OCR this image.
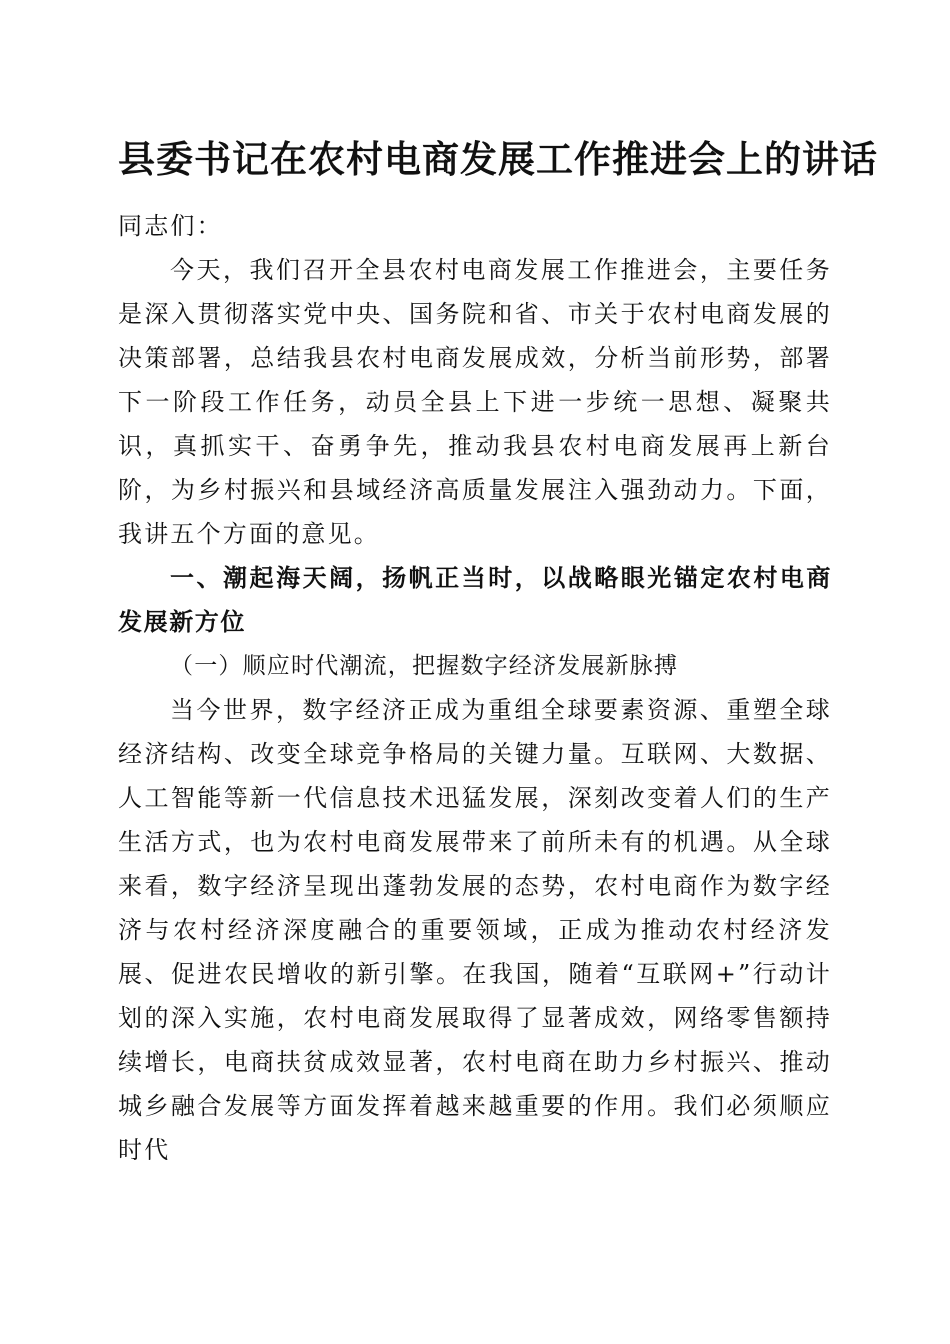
县委书记在农村电商发展工作推进会上的讲话

同志们：

今天，我们召开全县农村电商发展工作推进会，主要任务是深入贯彻落实党中央、国务院和省、市关于农村电商发展的决策部署，总结我县农村电商发展成效，分析当前形势，部署下一阶段工作任务，动员全县上下进一步统一思想、凝聚共识，真抓实干、奋勇争先，推动我县农村电商发展再上新台阶，为乡村振兴和县域经济高质量发展注入强劲动力。下面，我讲五个方面的意见。

一、潮起海天阔，扬帆正当时，以战略眼光锚定农村电商发展新方位

（一）顺应时代潮流，把握数字经济发展新脉搏

当今世界，数字经济正成为重组全球要素资源、重塑全球经济结构、改变全球竞争格局的关键力量。互联网、大数据、人工智能等新一代信息技术迅猛发展，深刻改变着人们的生产生活方式，也为农村电商发展带来了前所未有的机遇。从全球来看，数字经济呈现出蓬勃发展的态势，农村电商作为数字经济与农村经济深度融合的重要领域，正成为推动农村经济发展、促进农民增收的新引擎。在我国，随着“互联网+”行动计划的深入实施，农村电商发展取得了显著成效，网络零售额持续增长，电商扶贫成效显著，农村电商在助力乡村振兴、推动城乡融合发展等方面发挥着越来越重要的作用。我们必须顺应时代
